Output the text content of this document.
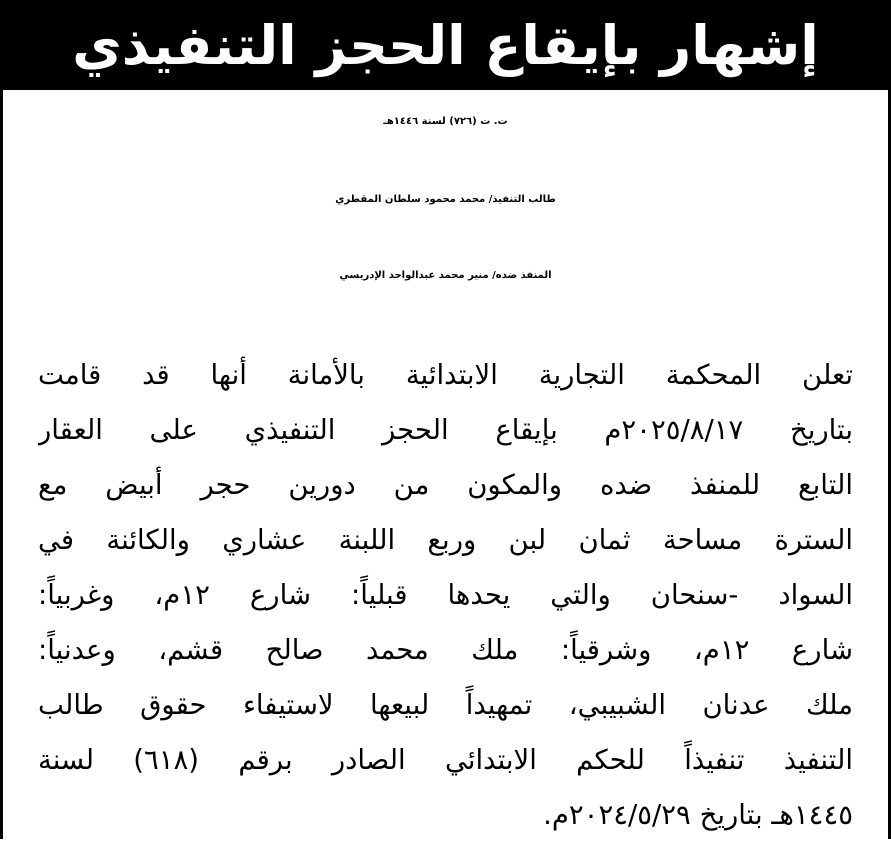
إشهار بإيقاع الحجز التنفيذي
ت. ت (٧٢٦) لسنة ١٤٤٦هـ
طالب التنفيذ/ محمد محمود سلطان المقطري
المنفذ ضده/ منير محمد عبدالواحد الإدريسي
تعلن المحكمة التجارية الابتدائية بالأمانة أنها قد قامت
بتاريخ ٢٠٢٥/٨/١٧م بإيقاع الحجز التنفيذي على العقار
التابع للمنفذ ضده والمكون من دورين حجر أبيض مع
السترة مساحة ثمان لبن وربع اللبنة عشاري والكائنة في
السواد -سنحان والتي يحدها قبلياً: شارع ١٢م، وغربياً:
شارع ١٢م، وشرقياً: ملك محمد صالح قشم، وعدنياً:
ملك عدنان الشبيبي، تمهيداً لبيعها لاستيفاء حقوق طالب
التنفيذ تنفيذاً للحكم الابتدائي الصادر برقم (٦١٨) لسنة
١٤٤٥هـ بتاريخ ٢٠٢٤/٥/٢٩م.
